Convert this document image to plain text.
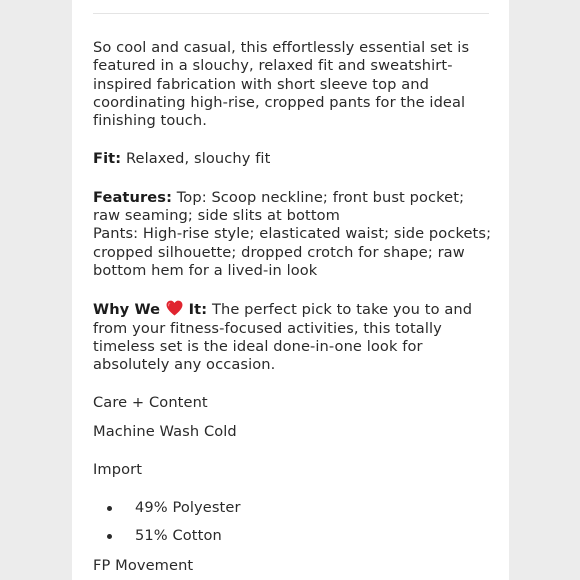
So cool and casual, this effortlessly essential set is featured in a slouchy, relaxed fit and sweatshirt-inspired fabrication with short sleeve top and coordinating high-rise, cropped pants for the ideal finishing touch.

Fit: Relaxed, slouchy fit

Features: Top: Scoop neckline; front bust pocket; raw seaming; side slits at bottom

Pants: High-rise style; elasticated waist; side pockets; cropped silhouette; dropped crotch for shape; raw bottom hem for a lived-in look

Why We It: The perfect pick to take you to and from your fitness-focused activities, this totally timeless set is the ideal done-in-one look for absolutely any occasion.

Care + Content

Machine Wash Cold

Import

49% Polyester
51% Cotton

FP Movement
